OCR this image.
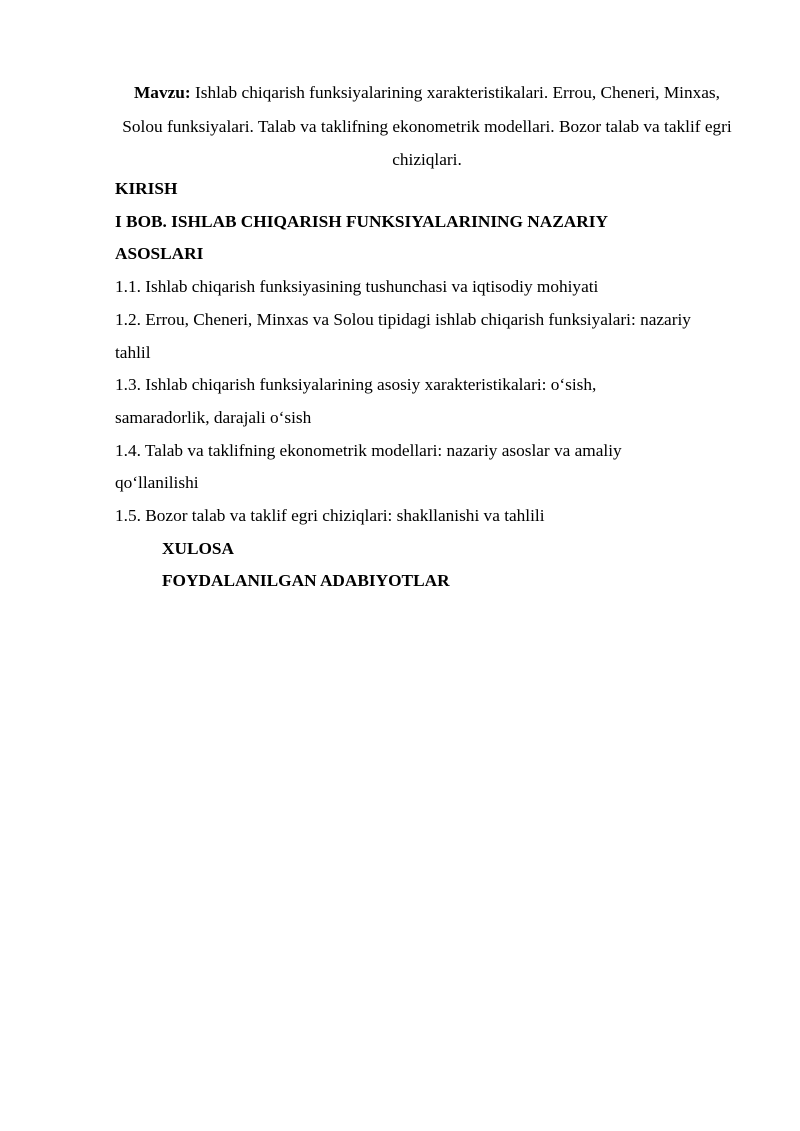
Mavzu: Ishlab chiqarish funksiyalarining xarakteristikalari. Errou, Cheneri, Minxas, Solou funksiyalari. Talab va taklifning ekonometrik modellari. Bozor talab va taklif egri chiziqlari.

KIRISH

I BOB. ISHLAB CHIQARISH FUNKSIYALARINING NAZARIY

ASOSLARI

1.1. Ishlab chiqarish funksiyasining tushunchasi va iqtisodiy mohiyati

1.2. Errou, Cheneri, Minxas va Solou tipidagi ishlab chiqarish funksiyalari: nazariy

tahlil

1.3. Ishlab chiqarish funksiyalarining asosiy xarakteristikalari: o‘sish,

samaradorlik, darajali o‘sish

1.4. Talab va taklifning ekonometrik modellari: nazariy asoslar va amaliy

qo‘llanilishi

1.5. Bozor talab va taklif egri chiziqlari: shakllanishi va tahlili

XULOSA

FOYDALANILGAN ADABIYOTLAR
